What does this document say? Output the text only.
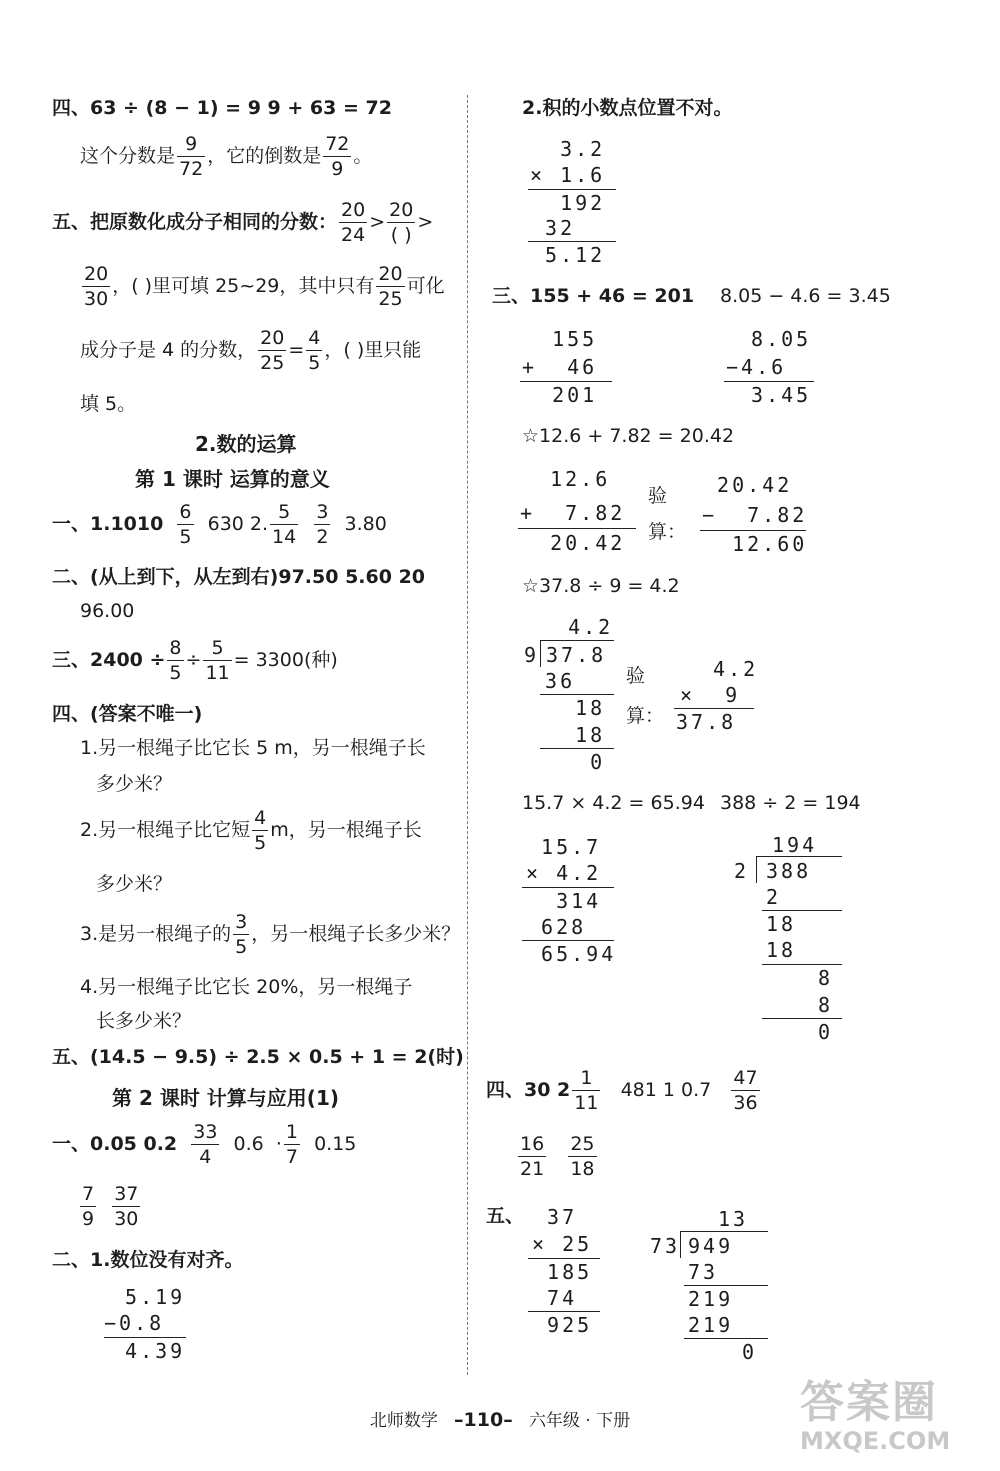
四、63 ÷ (8 − 1) = 9 9 + 63 = 72
这个分数是 $\frac{9}{72}$ ，它的倒数是 $\frac{72}{9}$ 。
五、把原数化成分子相同的分数： $\frac{20}{24}$ >
20
( )
>
$\frac{20}{30}$ ，( )里可填 25~29，其中只有 $\frac{20}{25}$ 可化
成分子是 4 的分数， $\frac{20}{25} = \frac{4}{5}$ ，( )里只能
填 5。
2.数的运算
第 1 课时 运算的意义
一、$1.1010 \frac{6}{5} 630$ 2. $\frac{5}{14}$
$\frac{3}{2} 3.80$
二、(从上到下，从左到右)97.50 5.60 20
96.00
三、$2400 \div \frac{8}{5} \div \frac{5}{11} = 3300$(种)
四、(答案不唯一)
1.另一根绳子比它长 5 m，另一根绳子长
多少米？
2.另一根绳子比它短 $\frac{4}{5}$ m，另一根绳子长
多少米？
3.是另一根绳子的 $\frac{3}{5}$ ，另一根绳子长多少米？
4.另一根绳子比它长 20%，另一根绳子
长多少米？
五、(14.5 − 9.5) ÷ 2.5 × 0.5 + 1 = 2(时)
第 2 课时 计算与应用(1)
一、0.05 $0.2 \frac{33}{4} 0.6 \cdot \frac{1}{7} 0.15$
$\frac{7}{9}$
$\frac{37}{30}$
二、1.数位没有对齐。
5.19
−0.8
4.39
2.积的小数点位置不对。
3.2
× 1.6
192
32
5.12
三、155 + 46 = 201 8.05 − 4.6 = 3.45
155
+  46
201
8.05
−4.6
3.45
☆12.6 + 7.82 = 20.42
12.6
+  7.82
20.42
验
算：
20.42
−  7.82
12.60
☆37.8 ÷ 9 = 4.2
4.2
9 37.8
36
18
18
0
验
算：
4.2
×  9
37.8
15.7 × 4.2 = 65.94 388 ÷ 2 = 194
15.7
× 4.2
314
628
65.94
194
2 388
2
18
18
8
8
0
四、30 $2 \frac{1}{11} 481$ 1 $0.7 \frac{47}{36}$
$\frac{16}{21}$
$\frac{25}{18}$
五、 37
× 25
185
74
925
13
73 949
73
219
219
0
北师数学 –110– 六年级 · 下册	答案圈
MXQE.COM
